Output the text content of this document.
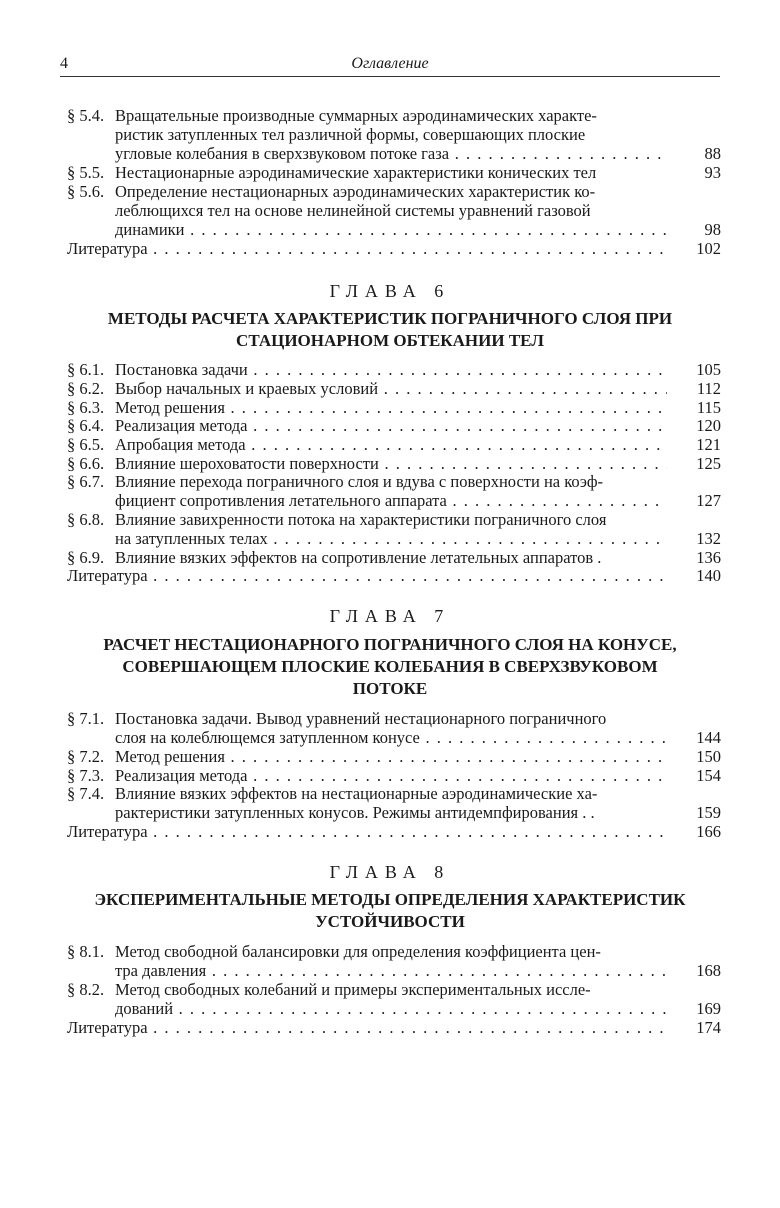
4	Оглавление
§ 5.4. Вращательные производные суммарных аэродинамических характе-
ристик затупленных тел различной формы, совершающих плоские
угловые колебания в сверхзвуковом потоке газа . . .	88
§ 5.5. Нестационарные аэродинамические характеристики конических тел	93
§ 5.6. Определение нестационарных аэродинамических характеристик ко-
леблющихся тел на основе нелинейной системы уравнений газовой
динамики . . .	98
Литература . . .	102
ГЛАВА 6
МЕТОДЫ РАСЧЕТА ХАРАКТЕРИСТИК ПОГРАНИЧНОГО СЛОЯ ПРИ
СТАЦИОНАРНОМ ОБТЕКАНИИ ТЕЛ
§ 6.1. Постановка задачи . . .	105
§ 6.2. Выбор начальных и краевых условий . . .	112
§ 6.3. Метод решения . . .	115
§ 6.4. Реализация метода . . .	120
§ 6.5. Апробация метода . . .	121
§ 6.6. Влияние шероховатости поверхности . . .	125
§ 6.7. Влияние перехода пограничного слоя и вдува с поверхности на коэф-
фициент сопротивления летательного аппарата . . .	127
§ 6.8. Влияние завихренности потока на характеристики пограничного слоя
на затупленных телах . . .	132
§ 6.9. Влияние вязких эффектов на сопротивление летательных аппаратов .	136
Литература . . .	140
ГЛАВА 7
РАСЧЕТ НЕСТАЦИОНАРНОГО ПОГРАНИЧНОГО СЛОЯ НА КОНУСЕ,
СОВЕРШАЮЩЕМ ПЛОСКИЕ КОЛЕБАНИЯ В СВЕРХЗВУКОВОМ
ПОТОКЕ
§ 7.1. Постановка задачи. Вывод уравнений нестационарного пограничного
слоя на колеблющемся затупленном конусе . . .	144
§ 7.2. Метод решения . . .	150
§ 7.3. Реализация метода . . .	154
§ 7.4. Влияние вязких эффектов на нестационарные аэродинамические ха-
рактеристики затупленных конусов. Режимы антидемпфирования . .	159
Литература . . .	166
ГЛАВА 8
ЭКСПЕРИМЕНТАЛЬНЫЕ МЕТОДЫ ОПРЕДЕЛЕНИЯ ХАРАКТЕРИСТИК
УСТОЙЧИВОСТИ
§ 8.1. Метод свободной балансировки для определения коэффициента цен-
тра давления . . .	168
§ 8.2. Метод свободных колебаний и примеры экспериментальных иссле-
дований . . .	169
Литература . . .	174
